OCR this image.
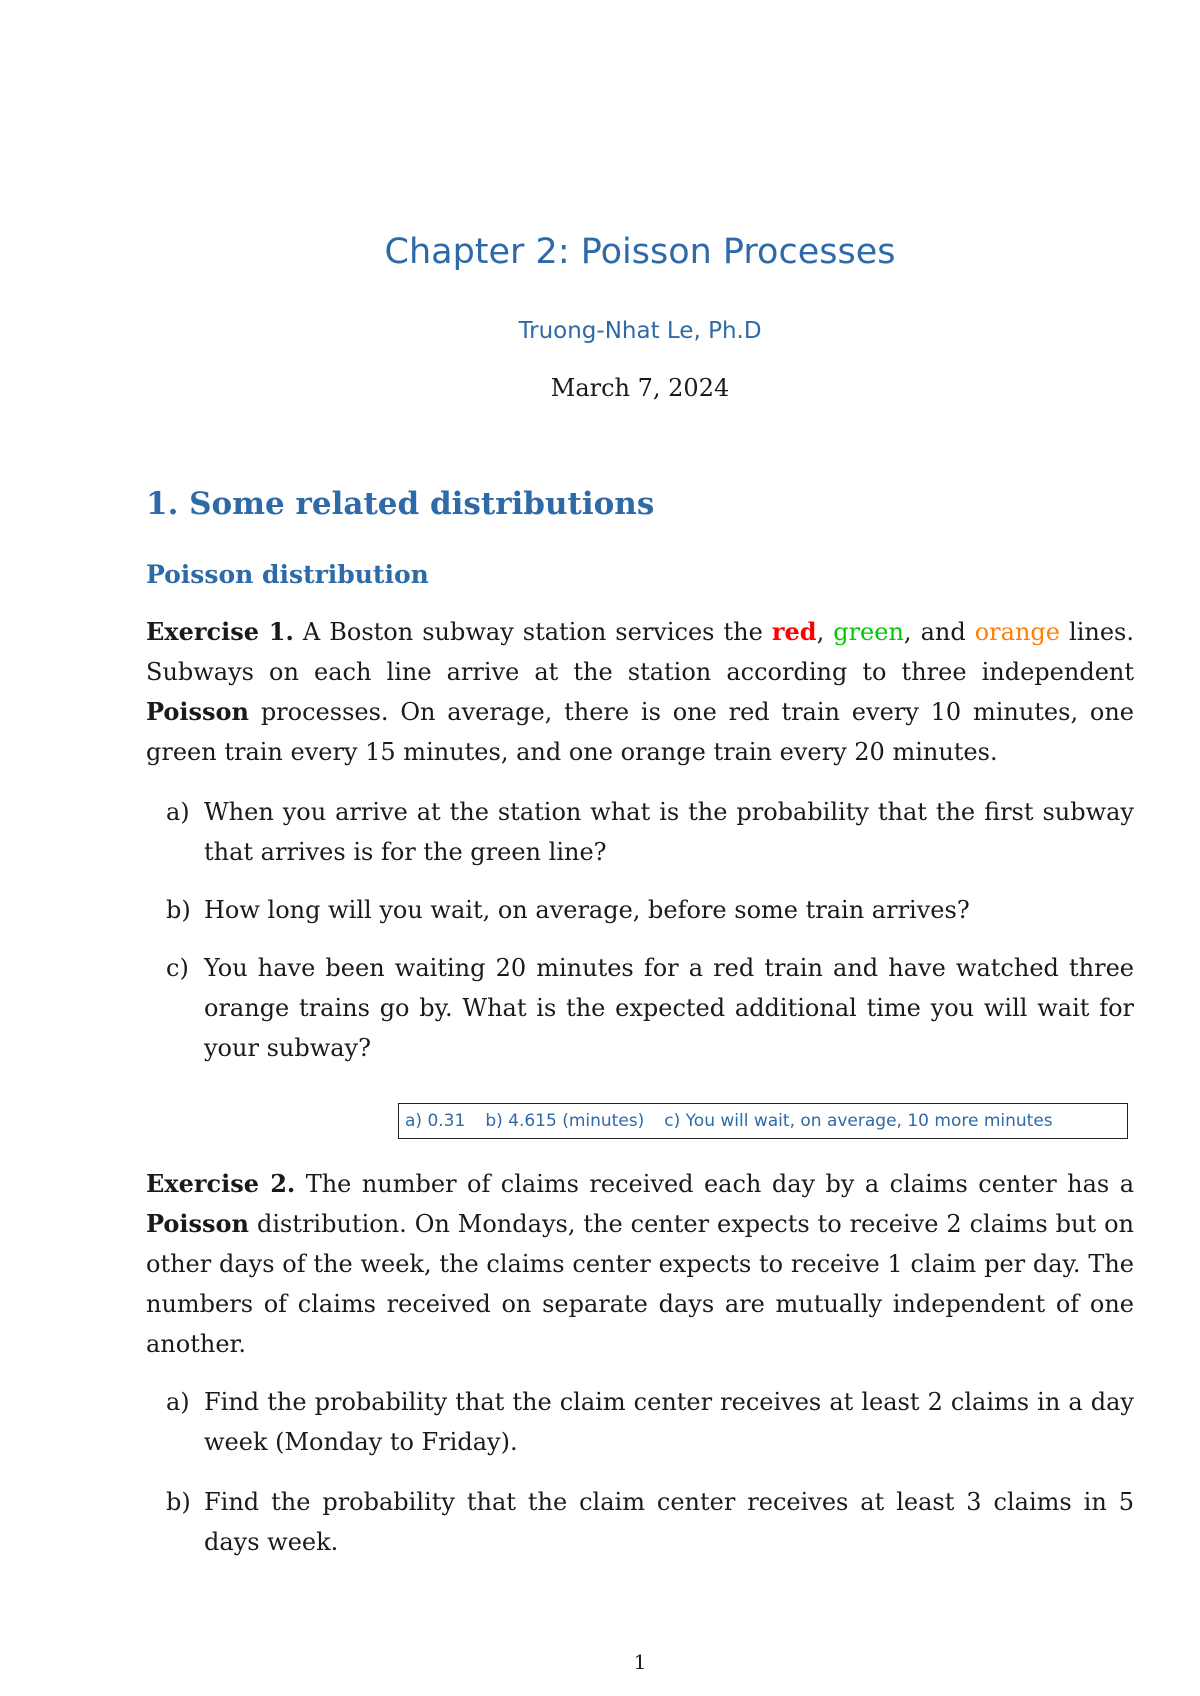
Chapter 2: Poisson Processes
Truong-Nhat Le, Ph.D
March 7, 2024
1. Some related distributions
Poisson distribution

Exercise 1. A Boston subway station services the red, green, and orange lines. Subways on each line arrive at the station according to three independent Poisson processes. On average, there is one red train every 10 minutes, one green train every 15 minutes, and one orange train every 20 minutes.

a) When you arrive at the station what is the probability that the first subway that arrives is for the green line?
b) How long will you wait, on average, before some train arrives?
c) You have been waiting 20 minutes for a red train and have watched three orange trains go by. What is the expected additional time you will wait for your subway?
a) 0.31 b) 4.615 (minutes) c) You will wait, on average, 10 more minutes

Exercise 2. The number of claims received each day by a claims center has a Poisson distribution. On Mondays, the center expects to receive 2 claims but on other days of the week, the claims center expects to receive 1 claim per day. The numbers of claims received on separate days are mutually independent of one another.

a) Find the probability that the claim center receives at least 2 claims in a day week (Monday to Friday).
b) Find the probability that the claim center receives at least 3 claims in 5 days week.
1
